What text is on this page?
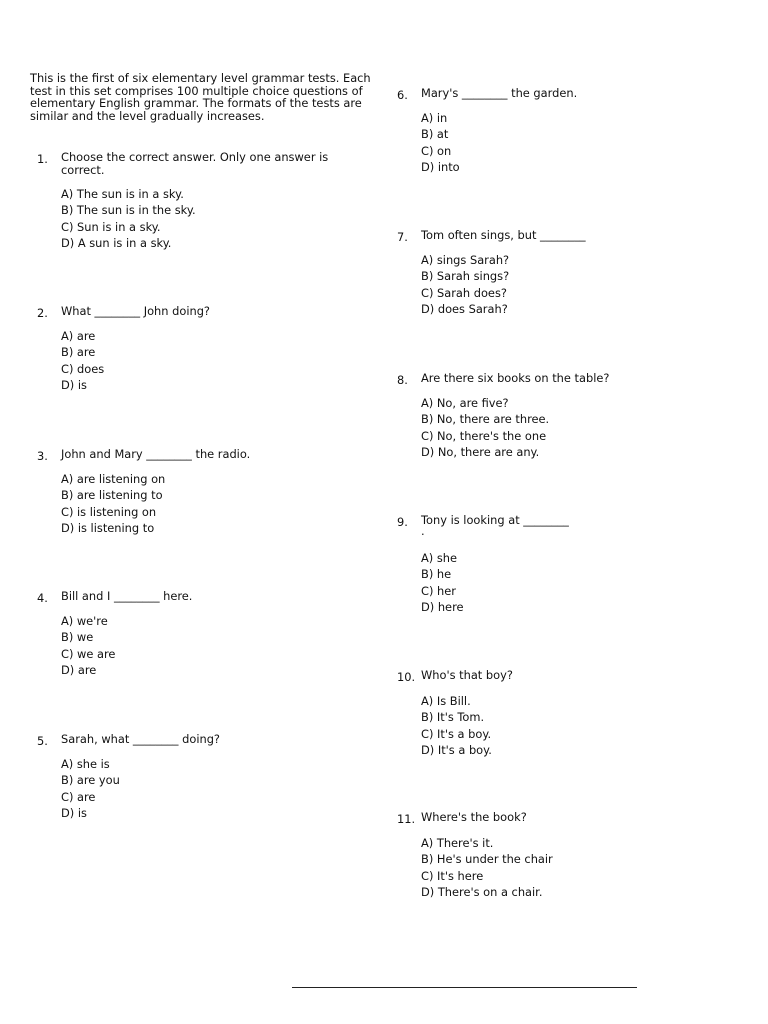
This is the first of six elementary level grammar tests. Each test in this set comprises 100 multiple choice questions of elementary English grammar. The formats of the tests are similar and the level gradually increases.

1. Choose the correct answer. Only one answer is correct.

A) The sun is in a sky.
B) The sun is in the sky.
C) Sun is in a sky.
D) A sun is in a sky.
2. What ________ John doing?

A) are
B) are
C) does
D) is
3. John and Mary ________ the radio.

A) are listening on
B) are listening to
C) is listening on
D) is listening to
4. Bill and I ________ here.

A) we're
B) we
C) we are
D) are
5. Sarah, what ________ doing?

A) she is
B) are you
C) are
D) is
6. Mary's ________ the garden.

A) in
B) at
C) on
D) into
7. Tom often sings, but ________

A) sings Sarah?
B) Sarah sings?
C) Sarah does?
D) does Sarah?
8. Are there six books on the table?

A) No, are five?
B) No, there are three.
C) No, there's the one
D) No, there are any.
9. Tony is looking at ________

.

A) she
B) he
C) her
D) here
10. Who's that boy?

A) Is Bill.
B) It's Tom.
C) It's a boy.
D) It's a boy.
11. Where's the book?

A) There's it.
B) He's under the chair
C) It's here
D) There's on a chair.
